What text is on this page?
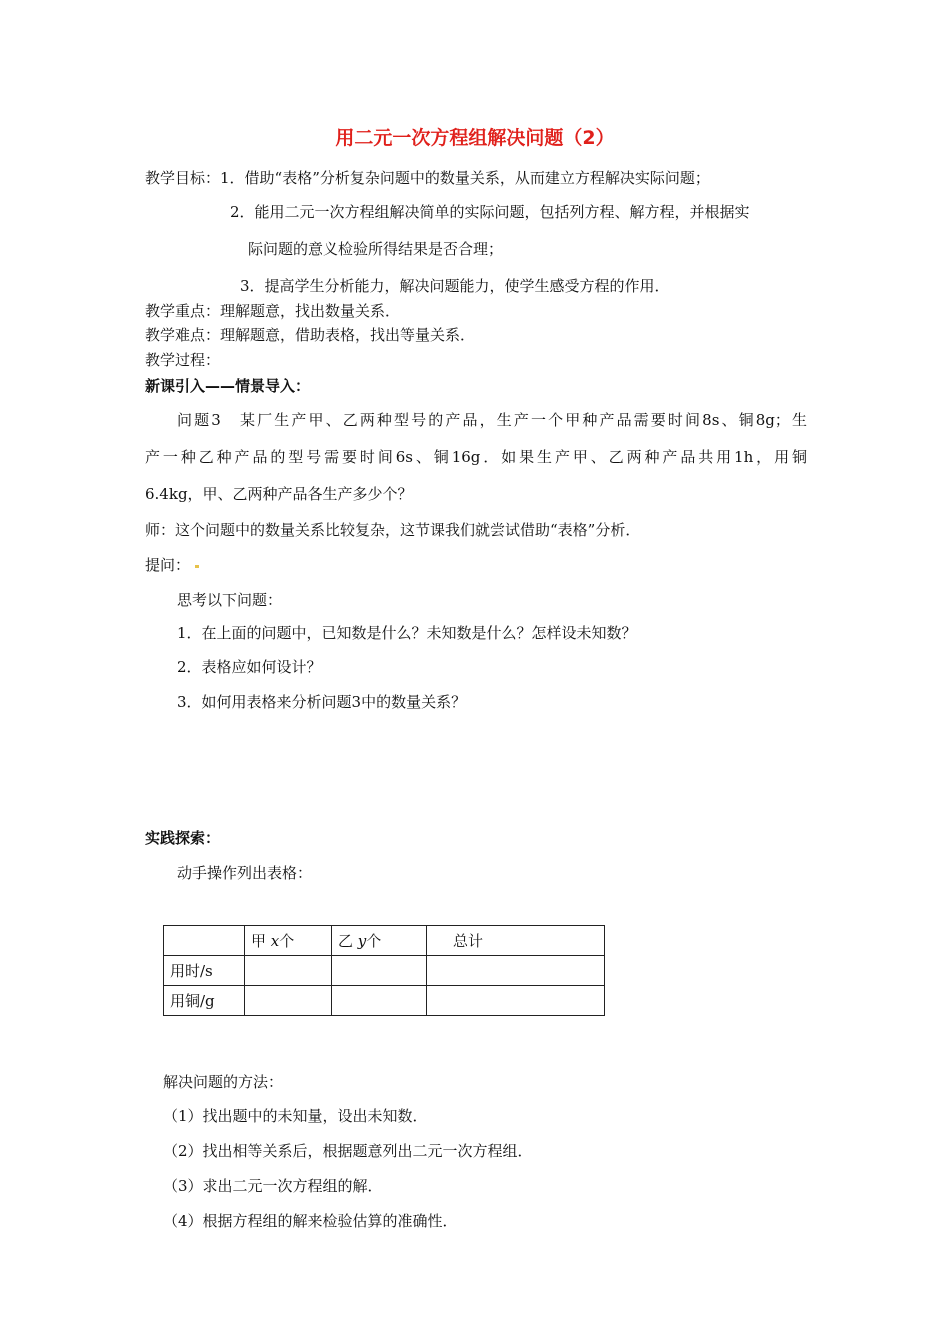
用二元一次方程组解决问题（2）
教学目标：1．借助“表格”分析复杂问题中的数量关系，从而建立方程解决实际问题；
2．能用二元一次方程组解决简单的实际问题，包括列方程、解方程，并根据实
际问题的意义检验所得结果是否合理；
3．提高学生分析能力，解决问题能力，使学生感受方程的作用．
教学重点：理解题意，找出数量关系．
教学难点：理解题意，借助表格，找出等量关系．
教学过程：
新课引入——情景导入：
问题3　某厂生产甲、乙两种型号的产品，生产一个甲种产品需要时间8s、铜8g；生
产一种乙种产品的型号需要时间6s、铜16g．如果生产甲、乙两种产品共用1h，用铜
6.4kg，甲、乙两种产品各生产多少个？
师：这个问题中的数量关系比较复杂，这节课我们就尝试借助“表格”分析．
提问：
思考以下问题：
1．在上面的问题中，已知数是什么？未知数是什么？怎样设未知数？
2．表格应如何设计？
3．如何用表格来分析问题3中的数量关系？
实践探索：
动手操作列出表格：
	甲 x个	乙 y个	总计
用时/s			
用铜/g			
解决问题的方法：
（1）找出题中的未知量，设出未知数．
（2）找出相等关系后，根据题意列出二元一次方程组．
（3）求出二元一次方程组的解．
（4）根据方程组的解来检验估算的准确性．
